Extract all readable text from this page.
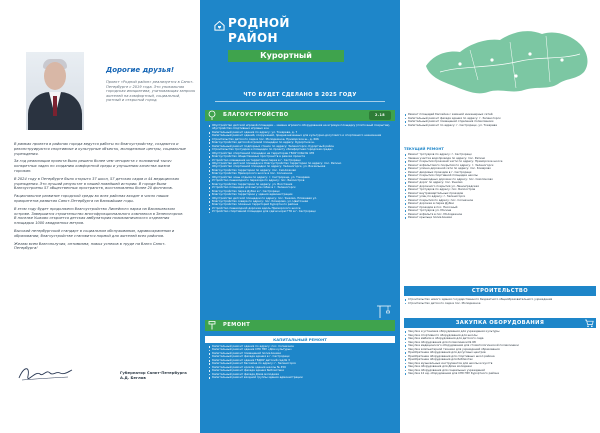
Дорогие друзья!
Проект «Родной район» реализуется в Санкт-Петербурге с 2019 года. Это уникальная городская инициатива, учитывающая запросы жителей на комфортный, социальный, уютный и открытый город.

В рамках проекта в районах города ведутся работы по благоустройству, создаются и реконструируются спортивные и культурные объекты, молодежные центры, социальные учреждения.

За год реализации проекта было решено более чем четыреста с половиной тысяч конкретных задач по созданию комфортной среды и улучшению качества жизни горожан.

В 2024 году в Петербурге было открыто 37 школ, 57 детских садов и 44 медицинских учреждения. Это лучший результат в нашей новейшей истории. В городе были благоустроены 57 общественных пространств, восстановлены более 20 фонтанов.

Рациональное развитие городской среды во всех районах входит в число наших приоритетов развития Санкт-Петербурга на ближайшие годы.

В этом году будет продолжено благоустройство Линейного парка на Васильевском острове. Завершится строительство многофункционального комплекса в Зеленогорске. В поселке Ушково откроется детская амбулатория поликлинического отделения площадью 1000 квадратных метров.

Высокий петербургский стандарт в социальном обслуживании, здравоохранении и образовании, благоустройстве становится нормой для жителей всех районов.

Желаю всем благополучия, оптимизма, новых успехов в труде на благо Санкт-Петербурга!

Губернатор Санкт-Петербурга
А.Д. Беглов
РОДНОЙ
РАЙОН
Курортный
ЧТО БУДЕТ СДЕЛАНО В 2025 ГОДУ
БЛАГОУСТРОЙСТВО	2.18
Обустройство детской игровой площадки – замена игрового оборудования на игровую площадку (плиточный покрытие), обустройство спортивных игровых зон
Капитальный ремонт здания по адресу: ул. Токарева, д. 7
Капитальный ремонт зданий, сооружений, предназначенных для культурно-досугового и спортивного назначения
Строительство детского сада в пос. Молодежное, Приморское ш., д. 666
Благоустройство детской игровой площадки по адресу: Курортное ш.
Капитальный ремонт подпорных стенок по адресу: Зеленогорск, Курортный район
Строительство тротуаров и площадок по проекту «Комфортная городская среда»
Обустройство спортивной площадки на территории ГБОУ СОШ № 435
Благоустройство общественных пространств в рамках проекта
Устройство освещения на территории парка в г. Сестрорецк
Обустройство детской площадки и благоустройство территории по адресу: пос. Репино
Обустройство спортивной площадки по адресу: Зеленогорск, ул. Вокзальная
Благоустройство территории по адресу: пос. Смолячково
Благоустройство Приморского шоссе в пос. Солнечное
Обустройство зоны отдыха по адресу: г. Сестрорецк, ул. Токарева
Устройство пешеходного перехода по адресу: пос. Белоостров
Благоустройство территории по адресу: ул. Восстания
Устройство площадки для выгула собак в г. Зеленогорск
Благоустройство парка Дубки в г. Сестрорецк
Благоустройство территории у здания администрации
Обустройство детской площадки по адресу: пос. Ушково, Пляжевая ул.
Благоустройство сквера по адресу: пос. Комарово, ул. Цветочная
Благоустройство пляжных территорий Курортного района
Устройство пешеходной дорожки вдоль Приморского шоссе
Устройство спортивной площадки для сдачи норм ГТО в г. Сестрорецк
РЕМОНТ
КАПИТАЛЬНЫЙ РЕМОНТ
Капитальный ремонт здания по адресу: пос. Солнечное
Капитальный ремонт здания СПб ГБУ «Дом культуры»
Капитальный ремонт помещений поликлиники
Капитальный ремонт фасада здания в г. Сестрорецк
Капитальный ремонт здания ГБДОУ детский сад № 3
Капитальный ремонт бассейна по адресу: г. Зеленогорск
Капитальный ремонт кровли здания школы № 450
Капитальный ремонт фасада здания библиотеки
Капитальный ремонт фасада Дома молодежи
Капитальный ремонт входной группы здания администрации
Ремонт площадей бассейна с заменой инженерных сетей
Капитальный ремонт фасада здания по адресу: г. Зеленогорск
Капитальный ремонт помещений отделения поликлиники
Капитальный ремонт по адресу: г. Сестрорецк, ул. Токарева
ТЕКУЩИЙ РЕМОНТ
Ремонт тротуаров по адресу: г. Сестрорецк
Замена участка водопровода по адресу: пос. Репино
Ремонт покрытия проезжей части по адресу: Приморское шоссе
Ремонт асфальтового покрытия по адресу: г. Зеленогорск
Ремонт улично-дорожной сети по адресу: пос. Комарово
Ремонт дворовых проездов в г. Сестрорецк
Ремонт покрытия спортивной площадки школы
Ремонт пешеходных дорожек по адресу: пос. Смолячково
Ремонт дорог по адресу: пос. Ушково
Ремонт дорожного покрытия ул. Ленинградская
Ремонт тротуаров по адресу: пос. Белоостров
Ремонт внутриквартальных проездов
Ремонт улиц по адресу: г. Зеленогорск
Ремонт покрытия по адресу: пос. Солнечное
Ремонт дорожек в парке Дубки
Ремонт проездов в пос. Песочный
Ремонт тротуаров ул. Мосина
Ремонт асфальта в пос. Молодежное
Ремонт крыльца поликлиники
СТРОИТЕЛЬСТВО
Строительство нового здания государственного бюджетного общеобразовательного учреждения
Строительство детского сада в пос. Молодежное
ЗАКУПКА ОБОРУДОВАНИЯ
Закупка и установка оборудования для учреждения культуры
Закупка спортивного оборудования для школы
Закупка мебели и оборудования для детского сада
Закупка оборудования для поликлиники № 68
Закупка медицинского оборудования для стоматологической поликлиники
Закупка компьютерной техники для учреждений образования
Приобретение оборудования для досуговых центров
Приобретение оборудования для спортивных школ района
Приобретение оборудования для библиотек
Закупка музыкальных инструментов для школы искусств
Закупка оборудования для Дома молодежи
Закупка оборудования для социальных учреждений
Закупка 12 ед. оборудования для СПб ГБУ Курортного района
